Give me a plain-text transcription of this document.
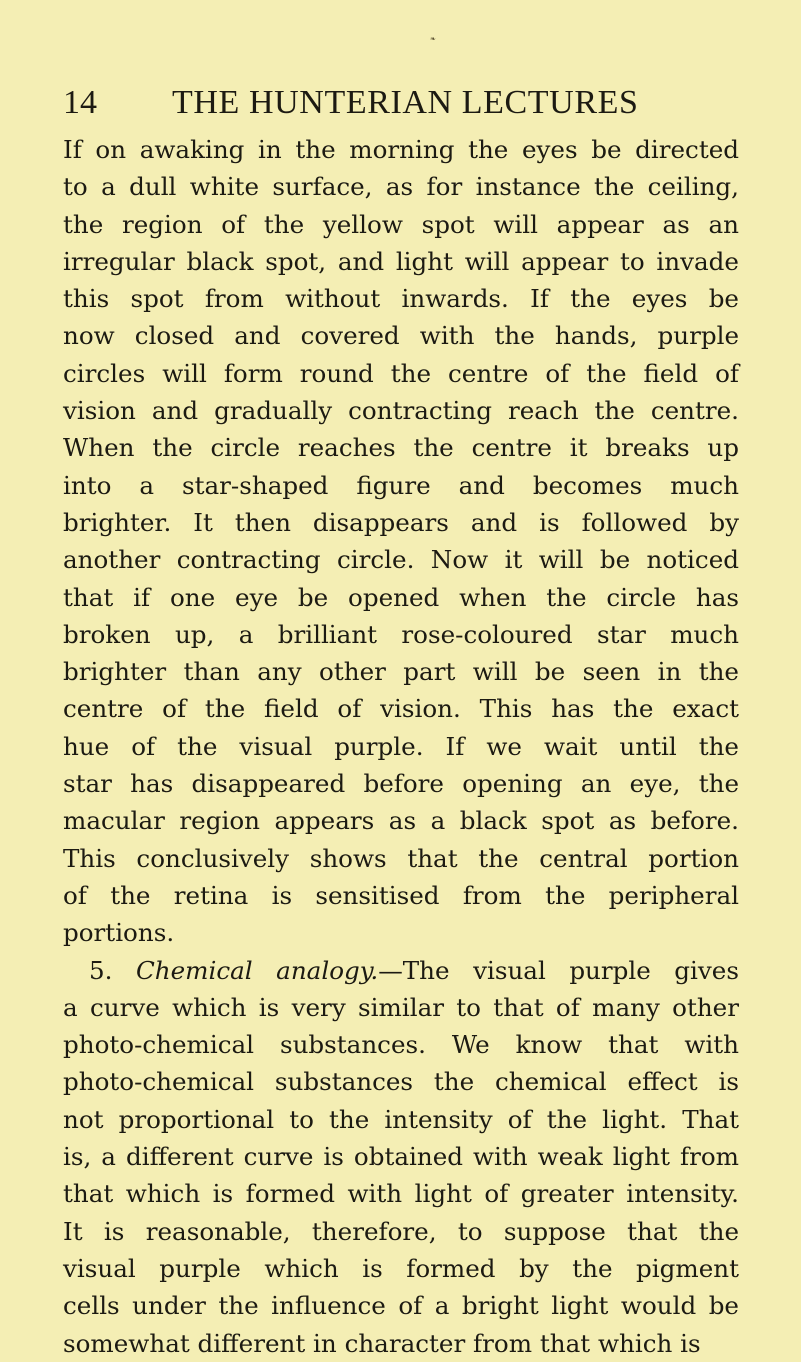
❧
14 THE HUNTERIAN LECTURES
If on awaking in the morning the eyes be directed
to a dull white surface, as for instance the ceiling,
the region of the yellow spot will appear as an
irregular black spot, and light will appear to invade
this spot from without inwards. If the eyes be
now closed and covered with the hands, purple
circles will form round the centre of the field of
vision and gradually contracting reach the centre.
When the circle reaches the centre it breaks up
into a star-shaped figure and becomes much
brighter. It then disappears and is followed by
another contracting circle. Now it will be noticed
that if one eye be opened when the circle has
broken up, a brilliant rose-coloured star much
brighter than any other part will be seen in the
centre of the field of vision. This has the exact
hue of the visual purple. If we wait until the
star has disappeared before opening an eye, the
macular region appears as a black spot as before.
This conclusively shows that the central portion
of the retina is sensitised from the peripheral
portions.
5. Chemical analogy.—The visual purple gives
a curve which is very similar to that of many other
photo-chemical substances. We know that with
photo-chemical substances the chemical effect is
not proportional to the intensity of the light. That
is, a different curve is obtained with weak light from
that which is formed with light of greater intensity.
It is reasonable, therefore, to suppose that the
visual purple which is formed by the pigment
cells under the influence of a bright light would be
somewhat different in character from that which is
